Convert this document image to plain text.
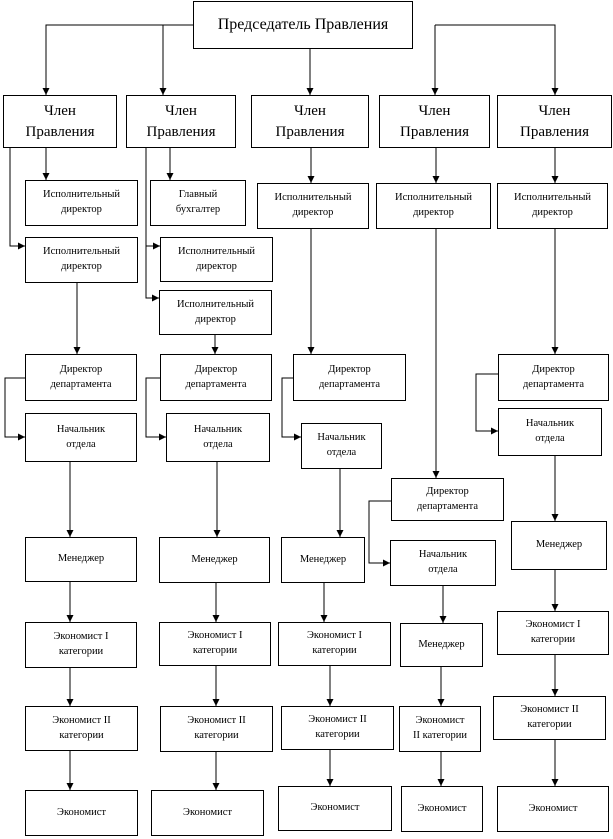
Председатель Правления
Член
Правления
Член
Правления
Член
Правления
Член
Правления
Член
Правления
Исполнительный
директор
Исполнительный
директор
Главный
бухгалтер
Исполнительный
директор
Исполнительный
директор
Исполнительный
директор
Исполнительный
директор
Исполнительный
директор
Директор
департамента
Директор
департамента
Директор
департамента
Директор
департамента
Начальник
отдела
Начальник
отдела
Начальник
отдела
Начальник
отдела
Директор
департамента
Начальник
отдела
Менеджер	Менеджер	Менеджер
Менеджер
Экономист I
категории
Экономист I
категории
Экономист I
категории
Менеджер
Экономист I
категории
Экономист II
категории
Экономист II
категории
Экономист II
категории
Экономист
II категории
Экономист II
категории
Экономист	Экономист	Экономист	Экономист	Экономист
